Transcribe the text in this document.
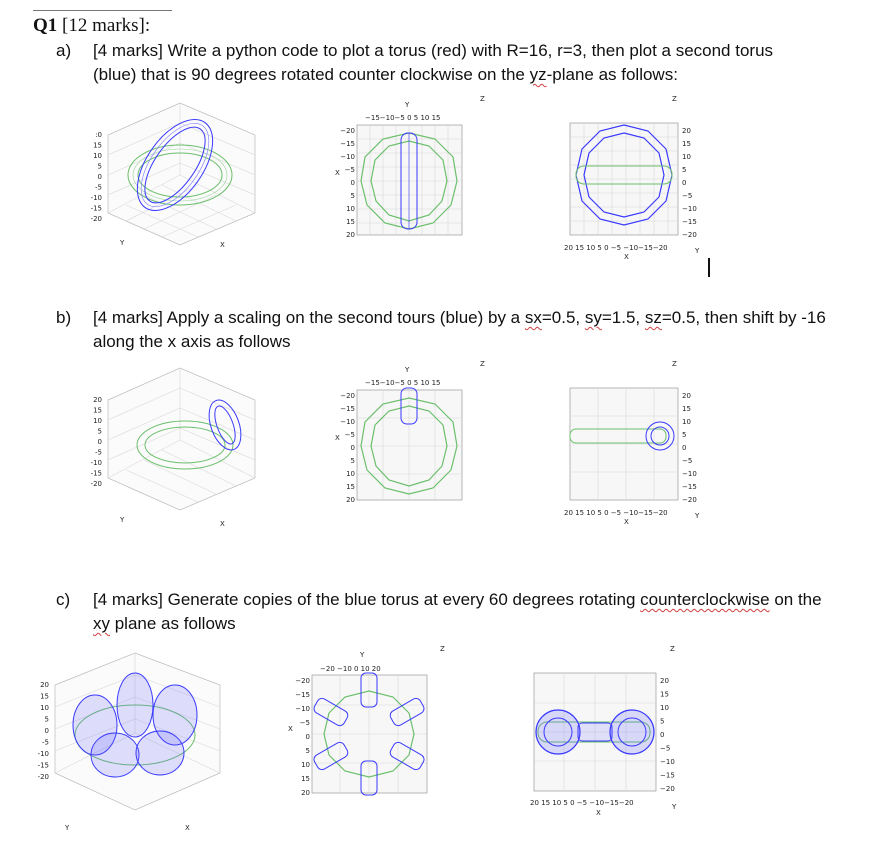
Q1 [12 marks]:
a) [4 marks] Write a python code to plot a torus (red) with R=16, r=3, then plot a second torus
(blue) that is 90 degrees rotated counter clockwise on the yz-plane as follows:
b) [4 marks] Apply a scaling on the second tours (blue) by a sx=0.5, sy=1.5, sz=0.5, then shift by -16
along the x axis as follows
c) [4 marks] Generate copies of the blue torus at every 60 degrees rotating counterclockwise on the
xy plane as follows
:0
15
10
5
0
-5
-10
-15
-20
Y	X
−15−10−5 0 5 10 15
Y
Z
X
−20
−15
−10
−5
0
5
10
15
20
Z
20
15
10
5
0
−5
−10
−15
−20
20 15 10 5 0 −5 −10−15−20
X
Y
20
15
10
5
0
-5
-10
-15
-20
Y	X
−15−10−5 0 5 10 15
Y
Z
X
−20
−15
−10
−5
0
5
10
15
20
Z
20
15
10
5
0
−5
−10
−15
−20
20 15 10 5 0 −5 −10−15−20
X
Y
20
15
10
5
0
-5
-10
-15
-20
Y	X
−20 −10 0 10 20
Y
Z
X
−20
−15
−10
−5
0
5
10
15
20
Z
20
15
10
5
0
−5
−10
−15
−20
20 15 10 5 0 −5 −10−15−20
X
Y
